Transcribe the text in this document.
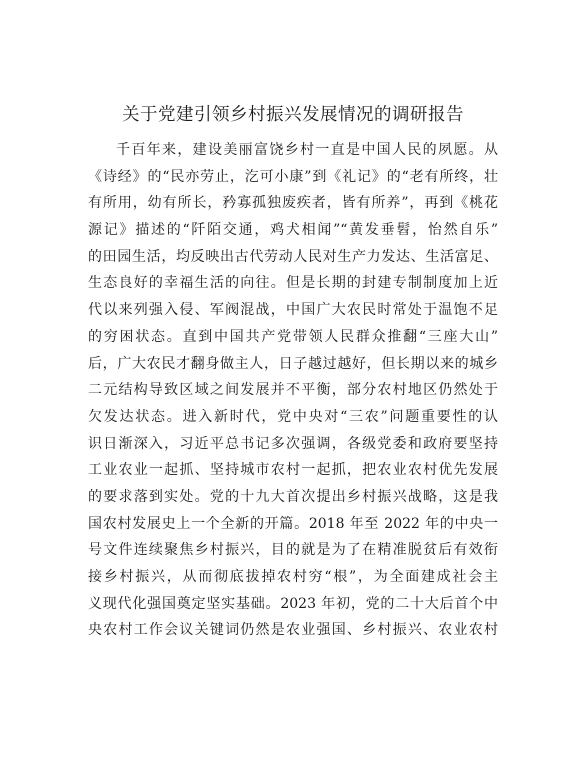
关于党建引领乡村振兴发展情况的调研报告
千百年来，建设美丽富饶乡村一直是中国人民的夙愿。从
《诗经》的“民亦劳止，汔可小康”到《礼记》的“老有所终，壮
有所用，幼有所长，矜寡孤独废疾者，皆有所养”，再到《桃花
源记》描述的“阡陌交通，鸡犬相闻”“黄发垂髫，怡然自乐”
的田园生活，均反映出古代劳动人民对生产力发达、生活富足、
生态良好的幸福生活的向往。但是长期的封建专制制度加上近
代以来列强入侵、军阀混战，中国广大农民时常处于温饱不足
的穷困状态。直到中国共产党带领人民群众推翻“三座大山”
后，广大农民才翻身做主人，日子越过越好，但长期以来的城乡
二元结构导致区域之间发展并不平衡，部分农村地区仍然处于
欠发达状态。进入新时代，党中央对“三农”问题重要性的认
识日渐深入，习近平总书记多次强调，各级党委和政府要坚持
工业农业一起抓、坚持城市农村一起抓，把农业农村优先发展
的要求落到实处。党的十九大首次提出乡村振兴战略，这是我
国农村发展史上一个全新的开篇。2018 年至 2022 年的中央一
号文件连续聚焦乡村振兴，目的就是为了在精准脱贫后有效衔
接乡村振兴，从而彻底拔掉农村穷“根”，为全面建成社会主
义现代化强国奠定坚实基础。2023 年初，党的二十大后首个中
央农村工作会议关键词仍然是农业强国、乡村振兴、农业农村
